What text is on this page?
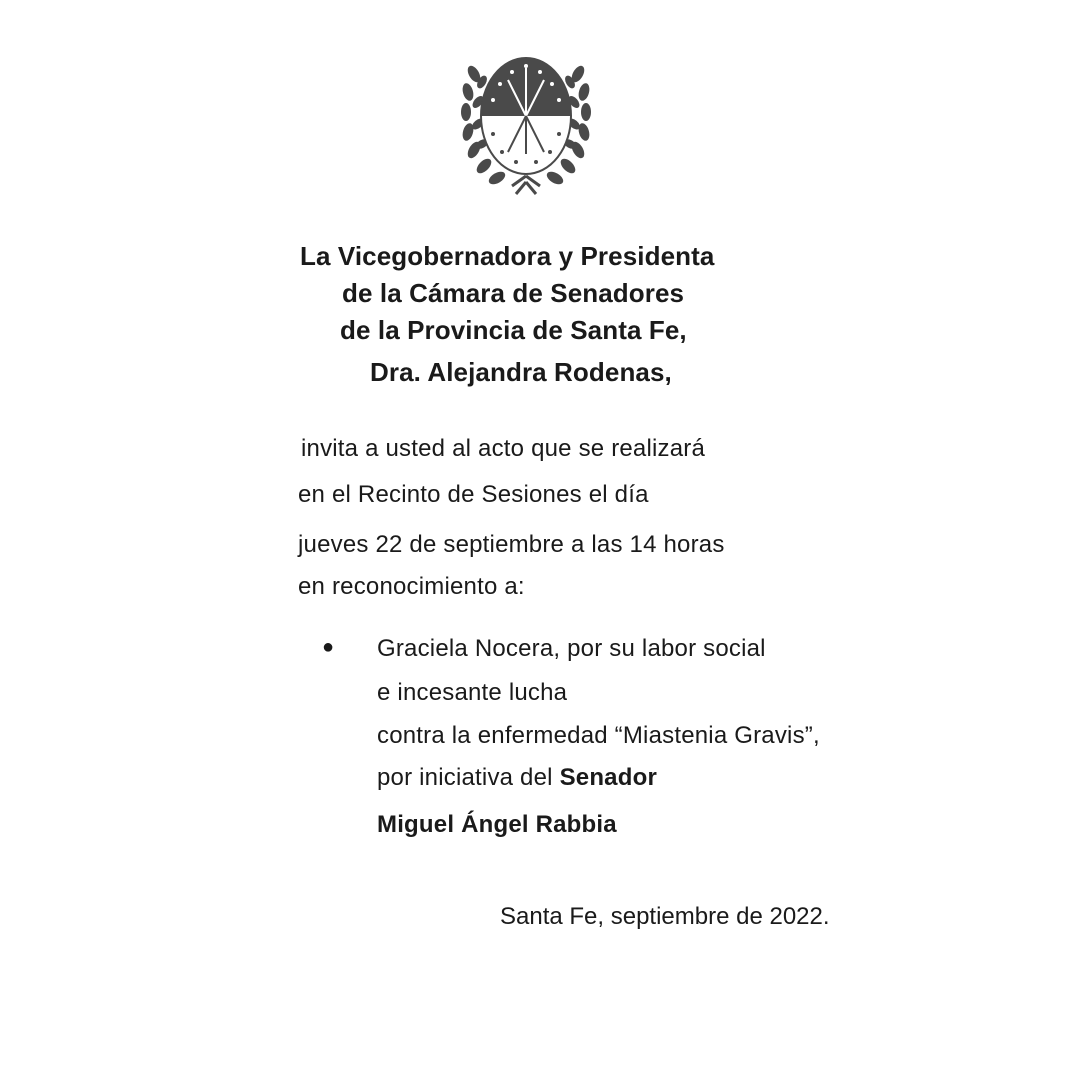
La Vicegobernadora y Presidenta
de la Cámara de Senadores
de la Provincia de Santa Fe,
Dra. Alejandra Rodenas,
invita a usted al acto que se realizará
en el Recinto de Sesiones el día
jueves 22 de septiembre a las 14 horas
en reconocimiento a:
● Graciela Nocera, por su labor social
e incesante lucha
contra la enfermedad “Miastenia Gravis”,
por iniciativa del Senador
Miguel Ángel Rabbia
Santa Fe, septiembre de 2022.
